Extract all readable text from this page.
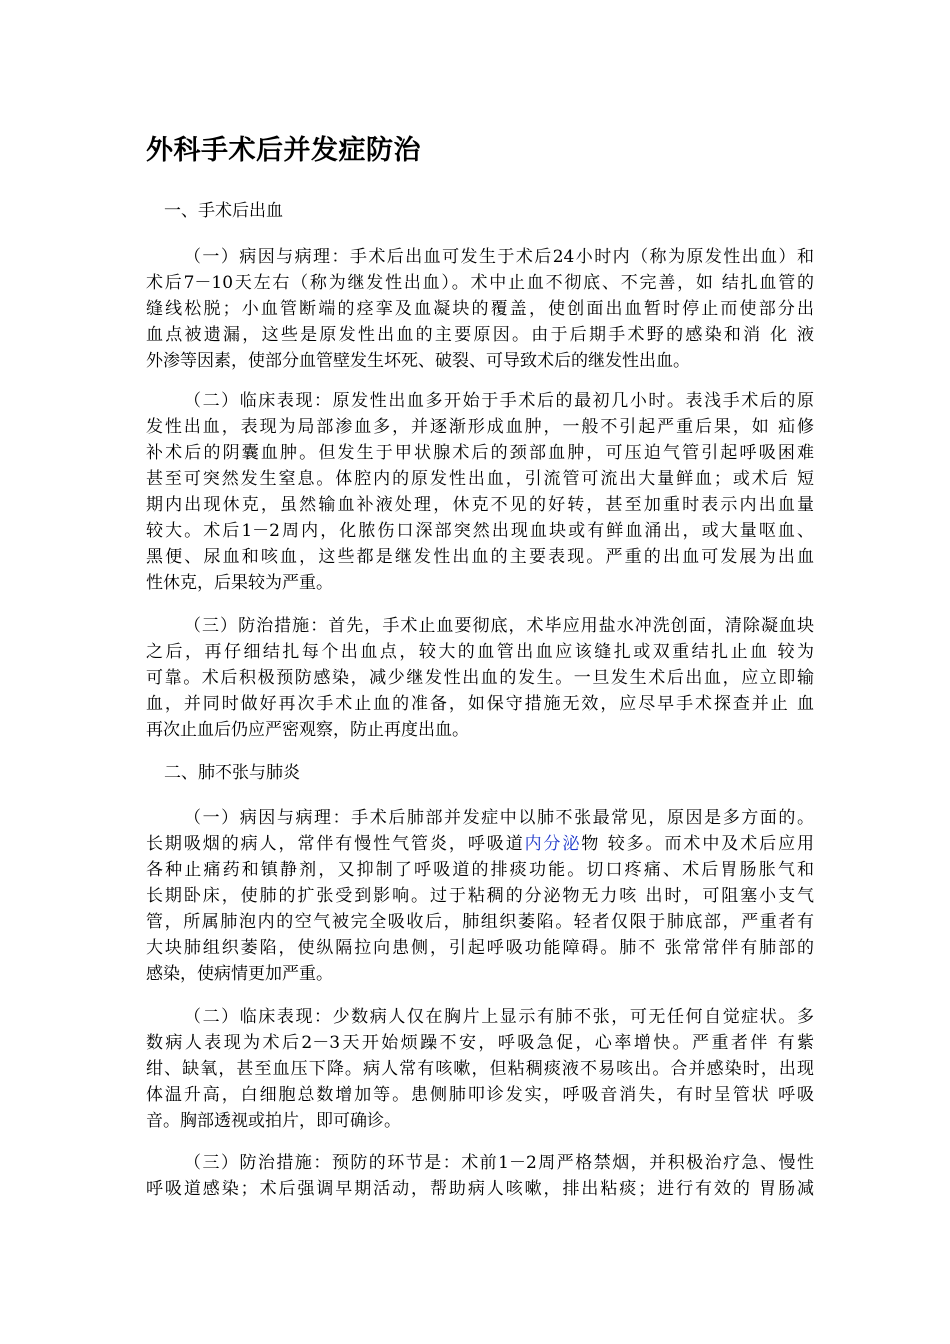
外科手术后并发症防治
一、手术后出血
（一）病因与病理：手术后出血可发生于术后24小时内（称为原发性出血）和
术后7－10天左右（称为继发性出血）。术中止血不彻底、不完善，如 结扎血管的
缝线松脱；小血管断端的痉挛及血凝块的覆盖，使创面出血暂时停止而使部分出
血点被遗漏，这些是原发性出血的主要原因。由于后期手术野的感染和消 化 液
外渗等因素，使部分血管壁发生坏死、破裂、可导致术后的继发性出血。
（二）临床表现：原发性出血多开始于手术后的最初几小时。表浅手术后的原
发性出血，表现为局部渗血多，并逐渐形成血肿，一般不引起严重后果，如 疝修
补术后的阴囊血肿。但发生于甲状腺术后的颈部血肿，可压迫气管引起呼吸困难
甚至可突然发生窒息。体腔内的原发性出血，引流管可流出大量鲜血；或术后 短
期内出现休克，虽然输血补液处理，休克不见的好转，甚至加重时表示内出血量
较大。术后1－2周内，化脓伤口深部突然出现血块或有鲜血涌出，或大量呕血、
黑便、尿血和咳血，这些都是继发性出血的主要表现。严重的出血可发展为出血
性休克，后果较为严重。
（三）防治措施：首先，手术止血要彻底，术毕应用盐水冲洗创面，清除凝血块
之后，再仔细结扎每个出血点，较大的血管出血应该缝扎或双重结扎止血 较为
可靠。术后积极预防感染，减少继发性出血的发生。一旦发生术后出血，应立即输
血，并同时做好再次手术止血的准备，如保守措施无效，应尽早手术探查并止 血
再次止血后仍应严密观察，防止再度出血。
二、肺不张与肺炎
（一）病因与病理：手术后肺部并发症中以肺不张最常见，原因是多方面的。
长期吸烟的病人，常伴有慢性气管炎，呼吸道内分泌物 较多。而术中及术后应用
各种止痛药和镇静剂，又抑制了呼吸道的排痰功能。切口疼痛、术后胃肠胀气和
长期卧床，使肺的扩张受到影响。过于粘稠的分泌物无力咳 出时，可阻塞小支气
管，所属肺泡内的空气被完全吸收后，肺组织萎陷。轻者仅限于肺底部，严重者有
大块肺组织萎陷，使纵隔拉向患侧，引起呼吸功能障碍。肺不 张常常伴有肺部的
感染，使病情更加严重。
（二）临床表现：少数病人仅在胸片上显示有肺不张，可无任何自觉症状。多
数病人表现为术后2－3天开始烦躁不安，呼吸急促，心率增快。严重者伴 有紫
绀、缺氧，甚至血压下降。病人常有咳嗽，但粘稠痰液不易咳出。合并感染时，出现
体温升高，白细胞总数增加等。患侧肺叩诊发实，呼吸音消失，有时呈管状 呼吸
音。胸部透视或拍片，即可确诊。
（三）防治措施：预防的环节是：术前1－2周严格禁烟，并积极治疗急、慢性
呼吸道感染；术后强调早期活动，帮助病人咳嗽，排出粘痰；进行有效的 胃肠减
